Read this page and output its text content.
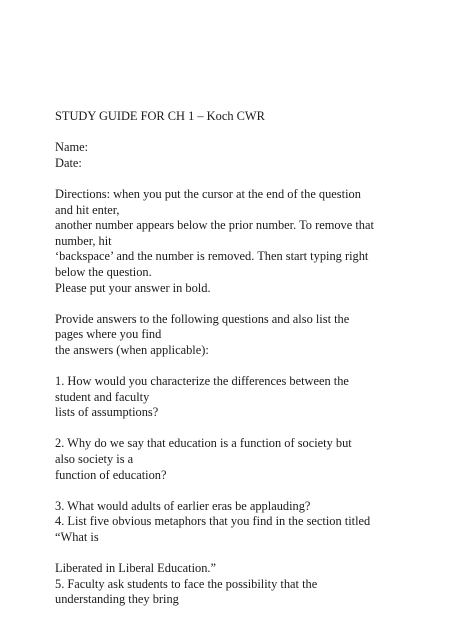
STUDY GUIDE FOR CH 1 – Koch CWR
Name:
Date:
Directions: when you put the cursor at the end of the question
and hit enter,
another number appears below the prior number. To remove that
number, hit
‘backspace’ and the number is removed. Then start typing right
below the question.
Please put your answer in bold.
Provide answers to the following questions and also list the
pages where you find
the answers (when applicable):
1. How would you characterize the differences between the
student and faculty
lists of assumptions?
2. Why do we say that education is a function of society but
also society is a
function of education?
3. What would adults of earlier eras be applauding?
4. List five obvious metaphors that you find in the section titled
“What is
Liberated in Liberal Education.”
5. Faculty ask students to face the possibility that the
understanding they bring
